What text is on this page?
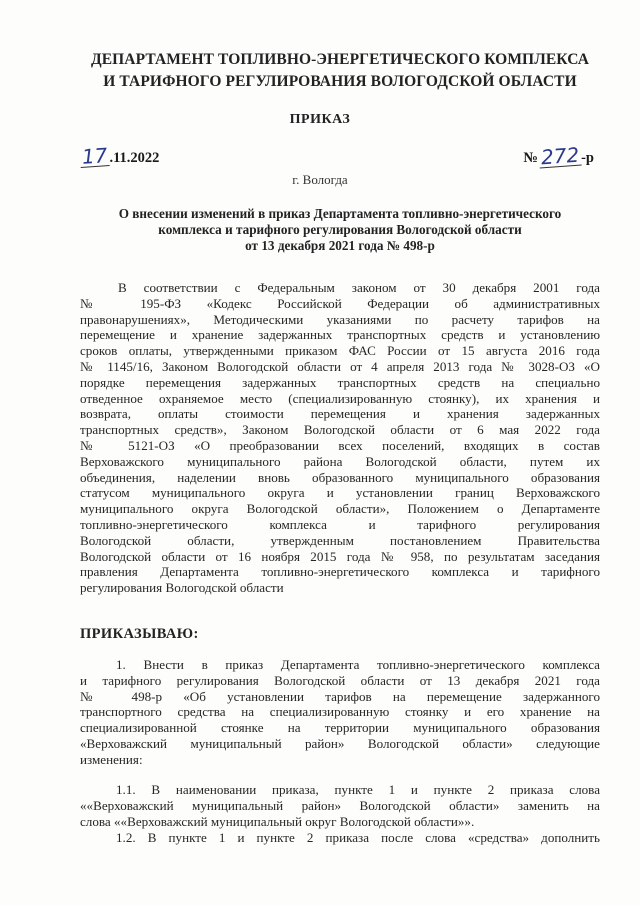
ДЕПАРТАМЕНТ ТОПЛИВНО-ЭНЕРГЕТИЧЕСКОГО КОМПЛЕКСА
И ТАРИФНОГО РЕГУЛИРОВАНИЯ ВОЛОГОДСКОЙ ОБЛАСТИ
ПРИКАЗ
17 .11.2022	№ 272 -р
г. Вологда
О внесении изменений в приказ Департамента топливно-энергетического
комплекса и тарифного регулирования Вологодской области
от 13 декабря 2021 года № 498-р
В соответствии с Федеральным законом от 30 декабря 2001 года
№ 195-ФЗ «Кодекс Российской Федерации об административных
правонарушениях», Методическими указаниями по расчету тарифов на
перемещение и хранение задержанных транспортных средств и установлению
сроков оплаты, утвержденными приказом ФАС России от 15 августа 2016 года
№ 1145/16, Законом Вологодской области от 4 апреля 2013 года № 3028-ОЗ «О
порядке перемещения задержанных транспортных средств на специально
отведенное охраняемое место (специализированную стоянку), их хранения и
возврата, оплаты стоимости перемещения и хранения задержанных
транспортных средств», Законом Вологодской области от 6 мая 2022 года
№ 5121-ОЗ «О преобразовании всех поселений, входящих в состав
Верховажского муниципального района Вологодской области, путем их
объединения, наделении вновь образованного муниципального образования
статусом муниципального округа и установлении границ Верховажского
муниципального округа Вологодской области», Положением о Департаменте
топливно-энергетического комплекса и тарифного регулирования
Вологодской области, утвержденным постановлением Правительства
Вологодской области от 16 ноября 2015 года № 958, по результатам заседания
правления Департамента топливно-энергетического комплекса и тарифного
регулирования Вологодской области
ПРИКАЗЫВАЮ:
1. Внести в приказ Департамента топливно-энергетического комплекса
и тарифного регулирования Вологодской области от 13 декабря 2021 года
№ 498-р «Об установлении тарифов на перемещение задержанного
транспортного средства на специализированную стоянку и его хранение на
специализированной стоянке на территории муниципального образования
«Верховажский муниципальный район» Вологодской области» следующие
изменения:
1.1. В наименовании приказа, пункте 1 и пункте 2 приказа слова
««Верховажский муниципальный район» Вологодской области» заменить на
слова ««Верховажский муниципальный округ Вологодской области»».
1.2. В пункте 1 и пункте 2 приказа после слова «средства» дополнить
